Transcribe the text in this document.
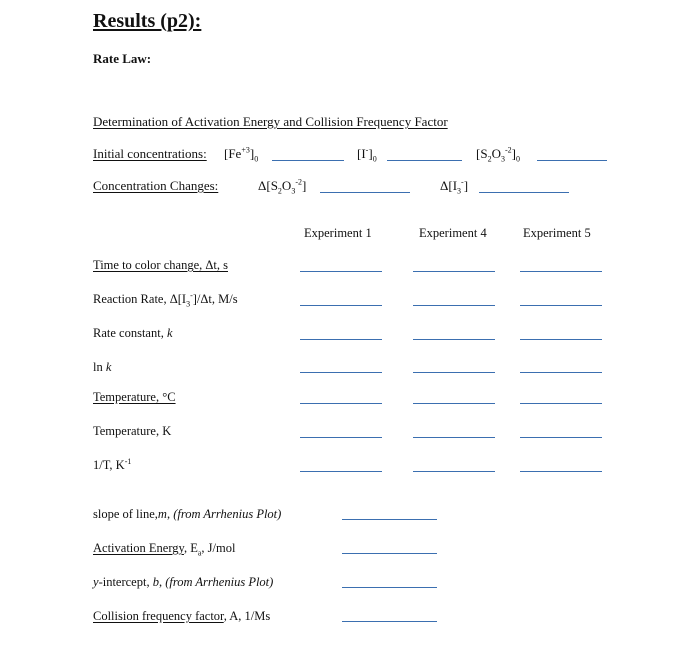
Results (p2):
Rate Law:
Determination of Activation Energy and Collision Frequency Factor
Initial concentrations: $[Fe^{+3}]_0$	$[I^-]_0$	$[S_2O_3^{-2}]_0$
Concentration Changes:	$\Delta[S_2O_3^{-2}]$	$\Delta[I_3^-]$
Experiment 1	Experiment 4	Experiment 5
Time to color change, Δt, s
Reaction Rate, $\Delta[I_3^-]/\Delta t$, M/s
Rate constant, k
ln k
Temperature, °C
Temperature, K
1/T, $K^{-1}$
slope of line,m, (from Arrhenius Plot)
Activation Energy, $E_a$, J/mol
y-intercept, b, (from Arrhenius Plot)
Collision frequency factor, A, 1/Ms
